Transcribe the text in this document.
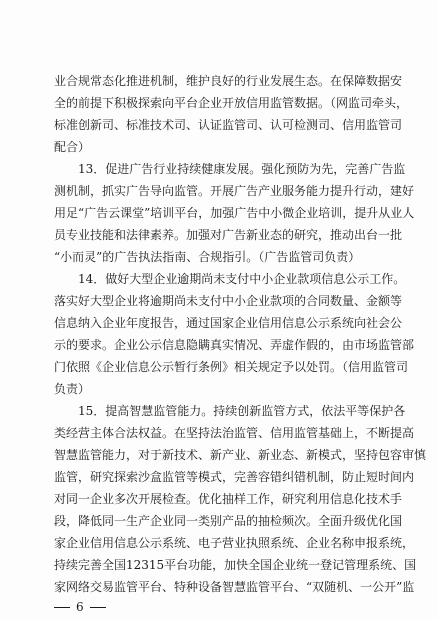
业合规常态化推进机制，维护良好的行业发展生态。在保障数据安
全的前提下积极探索向平台企业开放信用监管数据。（网监司牵头，
标准创新司、标准技术司、认证监管司、认可检测司、信用监管司
配合）
13．促进广告行业持续健康发展。强化预防为先，完善广告监
测机制，抓实广告导向监管。开展广告产业服务能力提升行动，建好
用足“广告云课堂”培训平台，加强广告中小微企业培训，提升从业人
员专业技能和法律素养。加强对广告新业态的研究，推动出台一批
“小而灵”的广告执法指南、合规指引。（广告监管司负责）
14．做好大型企业逾期尚未支付中小企业款项信息公示工作。
落实好大型企业将逾期尚未支付中小企业款项的合同数量、金额等
信息纳入企业年度报告，通过国家企业信用信息公示系统向社会公
示的要求。企业公示信息隐瞒真实情况、弄虚作假的，由市场监管部
门依照《企业信息公示暂行条例》相关规定予以处罚。（信用监管司
负责）
15．提高智慧监管能力。持续创新监管方式，依法平等保护各
类经营主体合法权益。在坚持法治监管、信用监管基础上，不断提高
智慧监管能力，对于新技术、新产业、新业态、新模式，坚持包容审慎
监管，研究探索沙盒监管等模式，完善容错纠错机制，防止短时间内
对同一企业多次开展检查。优化抽样工作，研究利用信息化技术手
段，降低同一生产企业同一类别产品的抽检频次。全面升级优化国
家企业信用信息公示系统、电子营业执照系统、企业名称申报系统，
持续完善全国12315平台功能，加快全国企业统一登记管理系统、国
家网络交易监管平台、特种设备智慧监管平台、“双随机、一公开”监
6
